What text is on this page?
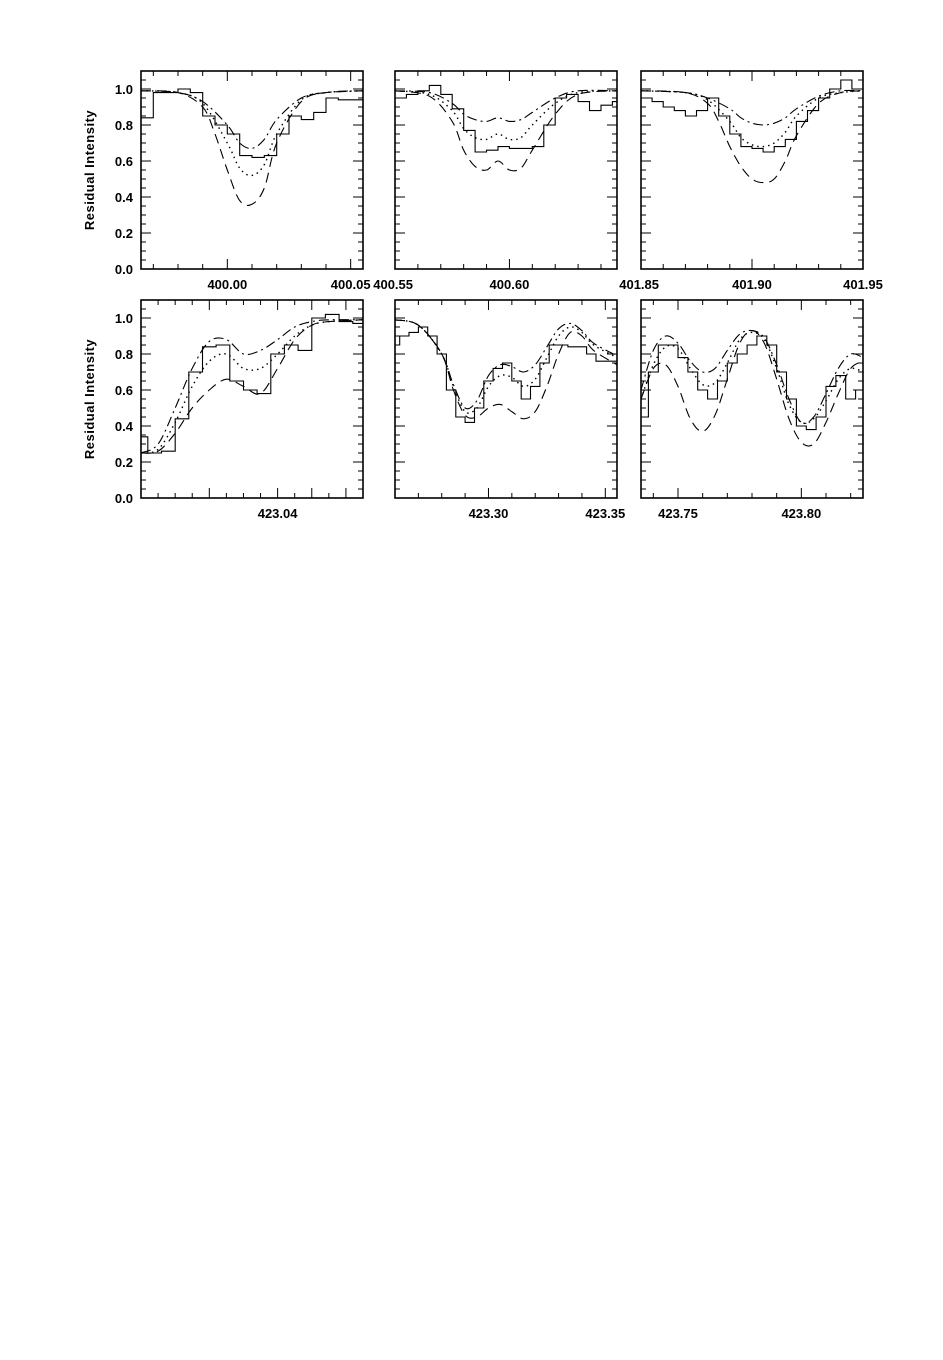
0.0
0.2
0.4
0.6
0.8
1.0
Residual Intensity
400.00	400.05 400.55	400.60	401.85	401.90	401.95
0.0
0.2
0.4
0.6
0.8
1.0
Residual Intensity
423.04	423.30	423.35	423.75	423.80
